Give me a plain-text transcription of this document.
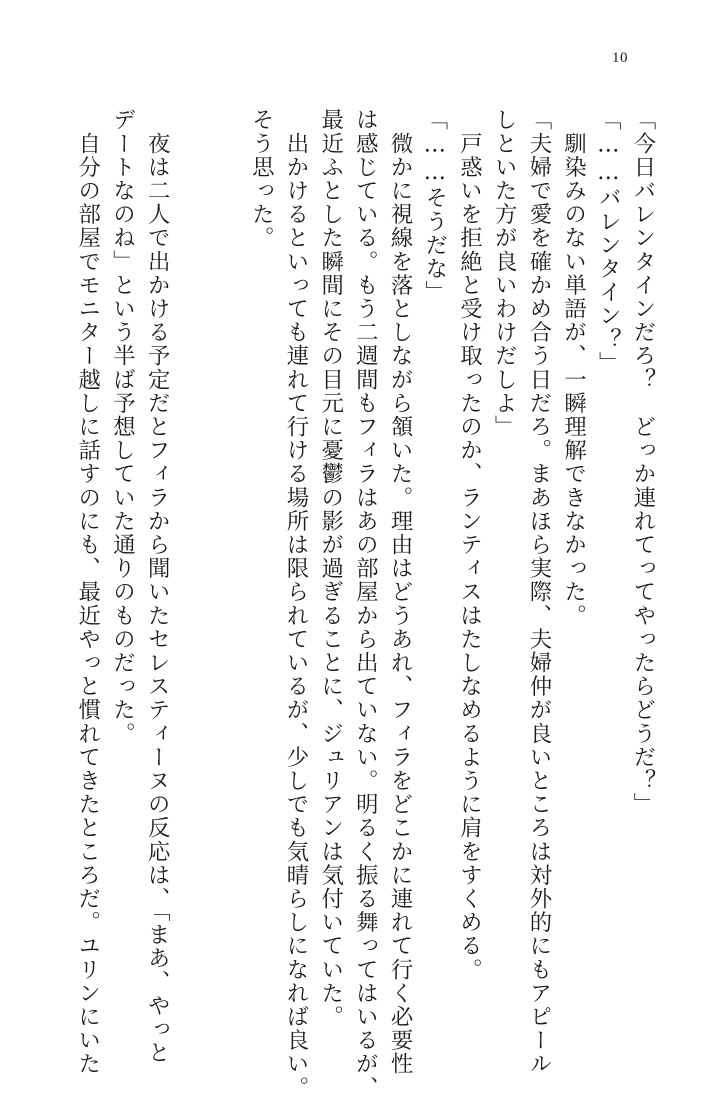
10
「今日バレンタインだろ？　どっか連れてってやったらどうだ？」
「……バレンタイン？」
　馴染みのない単語が、一瞬理解できなかった。
「夫婦で愛を確かめ合う日だろ。まあほら実際、夫婦仲が良いところは対外的にもアピール
しといた方が良いわけだしよ」
　戸惑いを拒絶と受け取ったのか、ランティスはたしなめるように肩をすくめる。
「……そうだな」
　微かに視線を落としながら頷いた。理由はどうあれ、フィラをどこかに連れて行く必要性
は感じている。もう二週間もフィラはあの部屋から出ていない。明るく振る舞ってはいるが、
最近ふとした瞬間にその目元に憂鬱の影が過ぎることに、ジュリアンは気付いていた。
　出かけるといっても連れて行ける場所は限られているが、少しでも気晴らしになれば良い。
そう思った。

　夜は二人で出かける予定だとフィラから聞いたセレスティーヌの反応は、「まあ、やっと
デートなのね」という半ば予想していた通りのものだった。
　自分の部屋でモニター越しに話すのにも、最近やっと慣れてきたところだ。ユリンにいた
